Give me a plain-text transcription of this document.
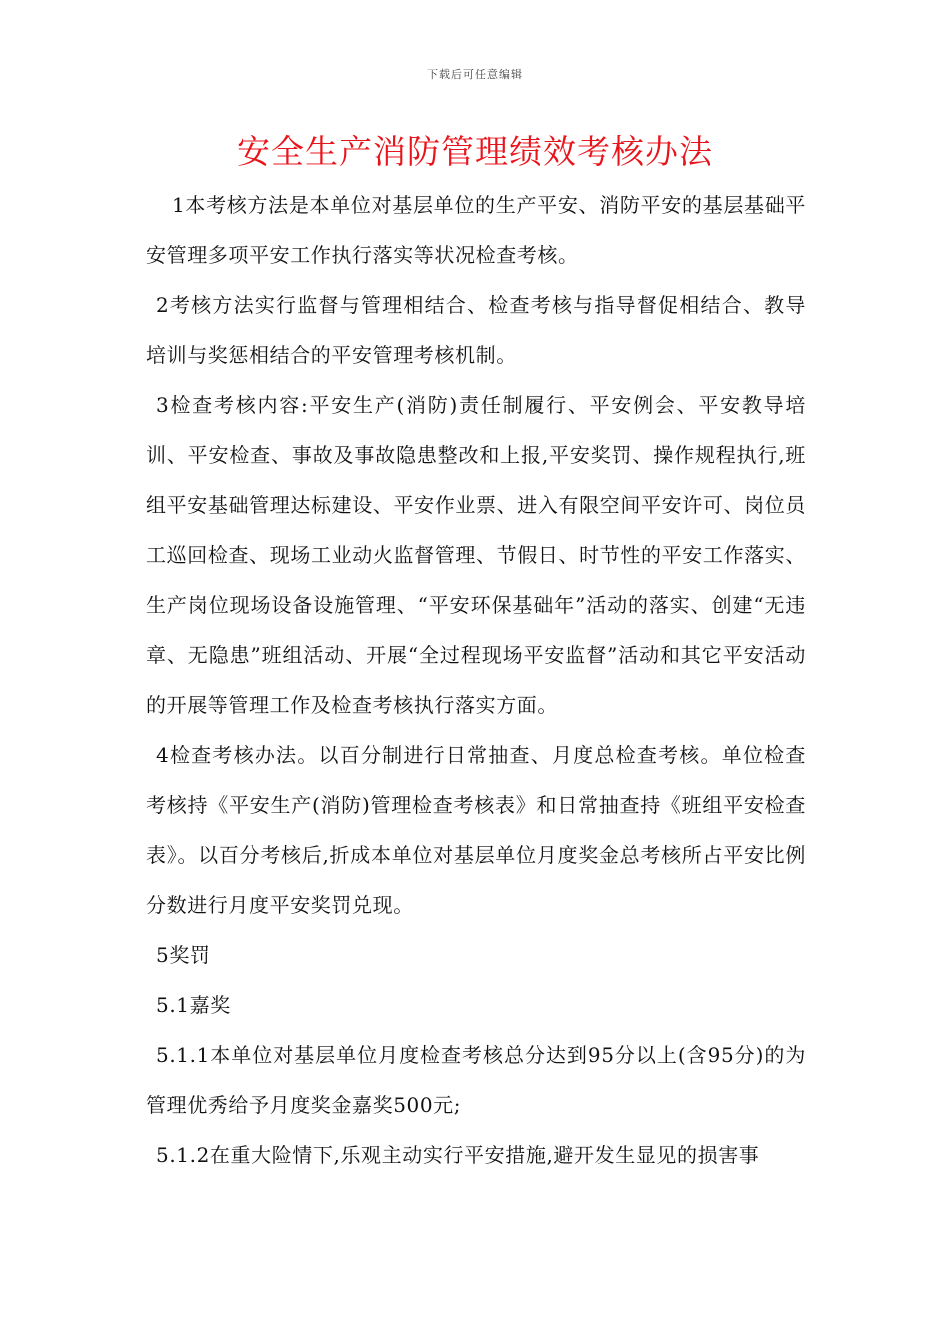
下载后可任意编辑
安全生产消防管理绩效考核办法

1本考核方法是本单位对基层单位的生产平安、消防平安的基层基础平安管理多项平安工作执行落实等状况检查考核。

2考核方法实行监督与管理相结合、检查考核与指导督促相结合、教导培训与奖惩相结合的平安管理考核机制。

3检查考核内容:平安生产(消防)责任制履行、平安例会、平安教导培训、平安检查、事故及事故隐患整改和上报,平安奖罚、操作规程执行,班组平安基础管理达标建设、平安作业票、进入有限空间平安许可、岗位员工巡回检查、现场工业动火监督管理、节假日、时节性的平安工作落实、生产岗位现场设备设施管理、“平安环保基础年”活动的落实、创建“无违章、无隐患”班组活动、开展“全过程现场平安监督”活动和其它平安活动的开展等管理工作及检查考核执行落实方面。

4检查考核办法。以百分制进行日常抽查、月度总检查考核。单位检查考核持《平安生产(消防)管理检查考核表》和日常抽查持《班组平安检查表》。以百分考核后,折成本单位对基层单位月度奖金总考核所占平安比例分数进行月度平安奖罚兑现。

5奖罚

5.1嘉奖

5.1.1本单位对基层单位月度检查考核总分达到95分以上(含95分)的为管理优秀给予月度奖金嘉奖500元;

5.1.2在重大险情下,乐观主动实行平安措施,避开发生显见的损害事
